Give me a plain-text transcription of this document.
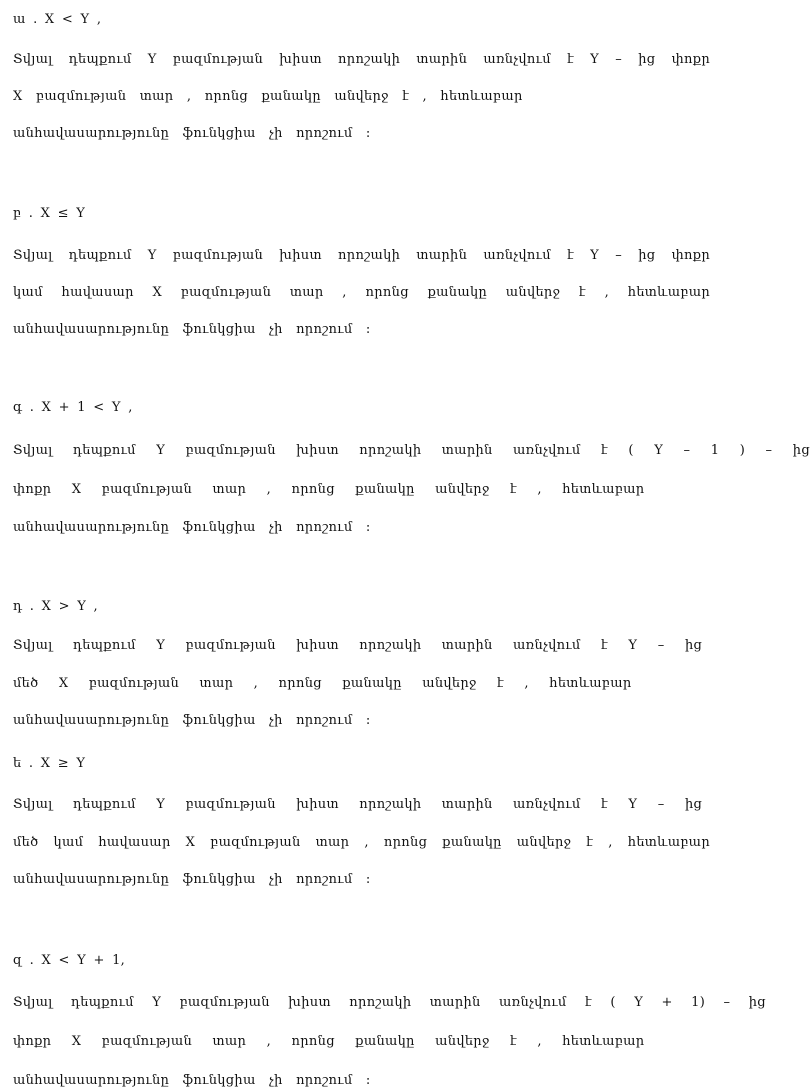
ա . X < Y ,
Տվյալ դեպքում Y բազմության խիստ որոշակի տարին առնչվում է Y – ից փոքր
X բազմության տար , որոնց քանակը անվերջ է , հետևաբար
անհավասարությունը ֆունկցիա չի որոշում :
բ . X ≤ Y
Տվյալ դեպքում Y բազմության խիստ որոշակի տարին առնչվում է Y – ից փոքր
կամ հավասար X բազմության տար , որոնց քանակը անվերջ է , հետևաբար
անհավասարությունը ֆունկցիա չի որոշում :
գ . X + 1 < Y ,
Տվյալ դեպքում Y բազմության խիստ որոշակի տարին առնչվում է ( Y – 1 ) – ից
փոքր X բազմության տար , որոնց քանակը անվերջ է , հետևաբար
անհավասարությունը ֆունկցիա չի որոշում :
դ . X > Y ,
Տվյալ դեպքում Y բազմության խիստ որոշակի տարին առնչվում է Y – ից
մեծ X բազմության տար , որոնց քանակը անվերջ է , հետևաբար
անհավասարությունը ֆունկցիա չի որոշում :
ե . X ≥ Y
Տվյալ դեպքում Y բազմության խիստ որոշակի տարին առնչվում է Y – ից
մեծ կամ հավասար X բազմության տար , որոնց քանակը անվերջ է , հետևաբար
անհավասարությունը ֆունկցիա չի որոշում :
զ . X < Y + 1,
Տվյալ դեպքում Y բազմության խիստ որոշակի տարին առնչվում է ( Y + 1) – ից
փոքր X բազմության տար , որոնց քանակը անվերջ է , հետևաբար
անհավասարությունը ֆունկցիա չի որոշում :
